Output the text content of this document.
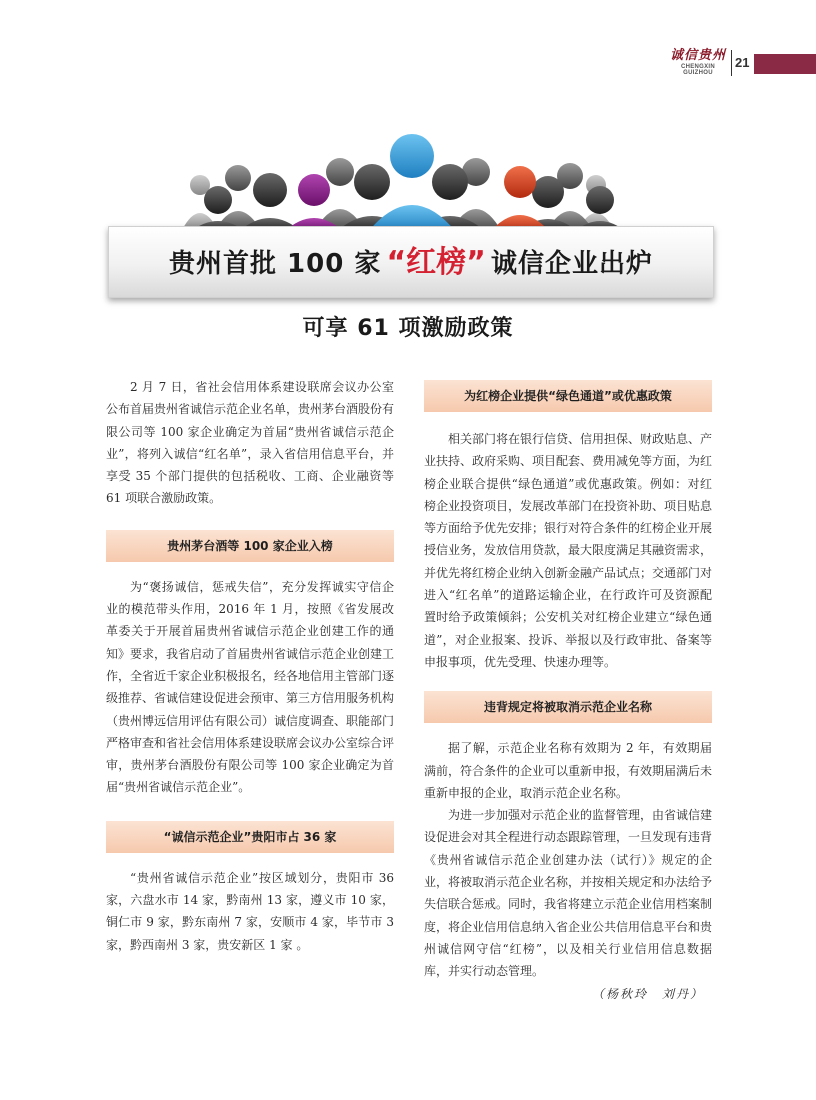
诚信贵州
CHENGXIN GUIZHOU
21
贵州首批 100 家 “红榜” 诚信企业出炉
可享 61 项激励政策

2 月 7 日，省社会信用体系建设联席会议办公室公布首届贵州省诚信示范企业名单，贵州茅台酒股份有限公司等 100 家企业确定为首届“贵州省诚信示范企业”，将列入诚信“红名单”，录入省信用信息平台，并享受 35 个部门提供的包括税收、工商、企业融资等 61 项联合激励政策。

贵州茅台酒等 100 家企业入榜

为“褒扬诚信，惩戒失信”，充分发挥诚实守信企业的模范带头作用，2016 年 1 月，按照《省发展改革委关于开展首届贵州省诚信示范企业创建工作的通知》要求，我省启动了首届贵州省诚信示范企业创建工作，全省近千家企业积极报名，经各地信用主管部门逐级推荐、省诚信建设促进会预审、第三方信用服务机构（贵州博远信用评估有限公司）诚信度调查、职能部门严格审查和省社会信用体系建设联席会议办公室综合评审，贵州茅台酒股份有限公司等 100 家企业确定为首届“贵州省诚信示范企业”。

“诚信示范企业”贵阳市占 36 家

“贵州省诚信示范企业”按区域划分，贵阳市 36 家，六盘水市 14 家，黔南州 13 家，遵义市 10 家，铜仁市 9 家，黔东南州 7 家，安顺市 4 家，毕节市 3 家，黔西南州 3 家，贵安新区 1 家 。

为红榜企业提供“绿色通道”或优惠政策

相关部门将在银行信贷、信用担保、财政贴息、产业扶持、政府采购、项目配套、费用减免等方面，为红榜企业联合提供“绿色通道”或优惠政策。例如：对红榜企业投资项目，发展改革部门在投资补助、项目贴息等方面给予优先安排；银行对符合条件的红榜企业开展授信业务，发放信用贷款，最大限度满足其融资需求，并优先将红榜企业纳入创新金融产品试点；交通部门对进入“红名单”的道路运输企业，在行政许可及资源配置时给予政策倾斜；公安机关对红榜企业建立“绿色通道”，对企业报案、投诉、举报以及行政审批、备案等申报事项，优先受理、快速办理等。

违背规定将被取消示范企业名称

据了解，示范企业名称有效期为 2 年，有效期届满前，符合条件的企业可以重新申报，有效期届满后未重新申报的企业，取消示范企业名称。

为进一步加强对示范企业的监督管理，由省诚信建设促进会对其全程进行动态跟踪管理，一旦发现有违背《贵州省诚信示范企业创建办法（试行）》规定的企业，将被取消示范企业名称，并按相关规定和办法给予失信联合惩戒。同时，我省将建立示范企业信用档案制度，将企业信用信息纳入省企业公共信用信息平台和贵州诚信网守信“红榜”，以及相关行业信用信息数据库，并实行动态管理。

（杨秋玲　刘丹）
